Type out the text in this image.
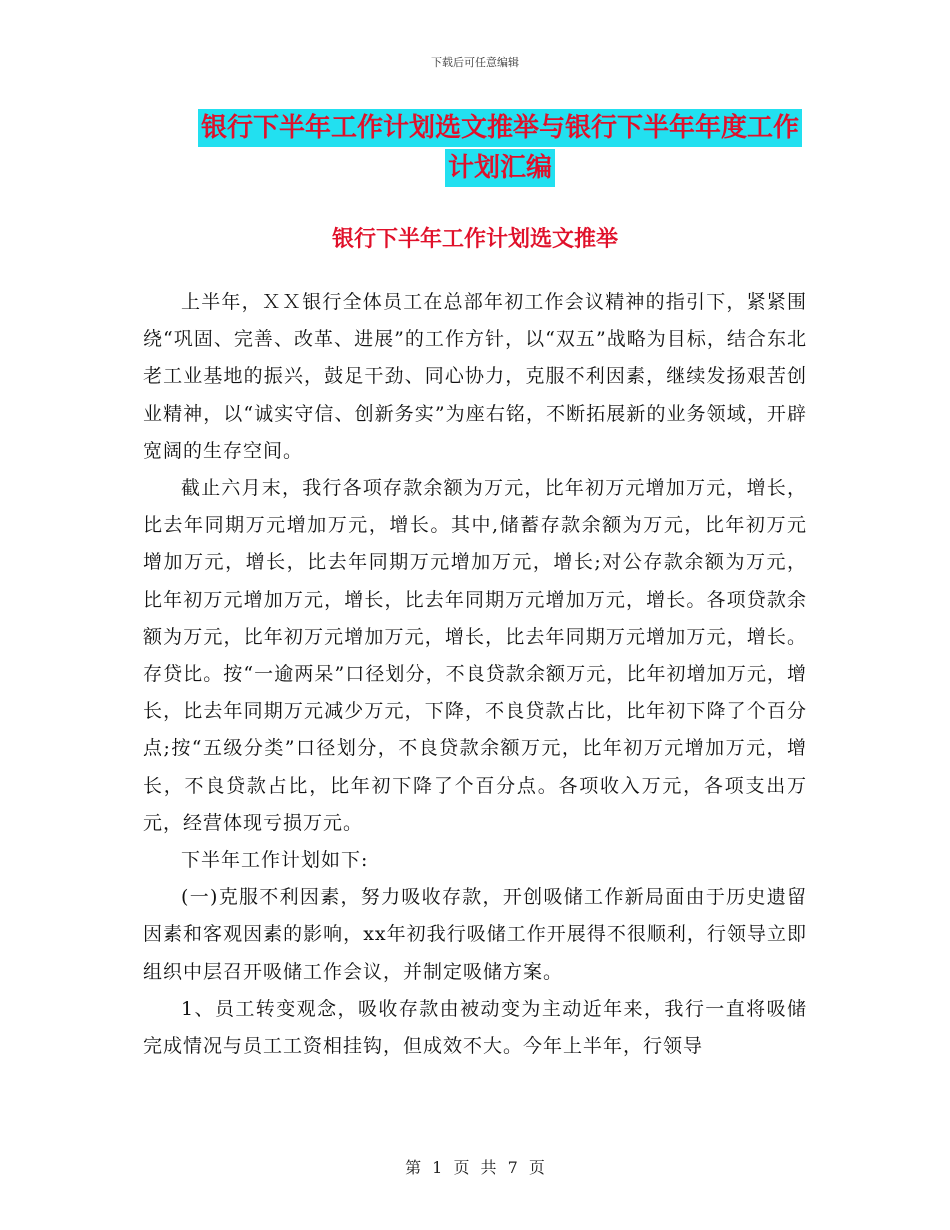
下载后可任意编辑
银行下半年工作计划选文推举与银行下半年年度工作计划汇编
银行下半年工作计划选文推举

上半年，ＸＸ银行全体员工在总部年初工作会议精神的指引下，紧紧围绕“巩固、完善、改革、进展”的工作方针，以“双五”战略为目标，结合东北老工业基地的振兴，鼓足干劲、同心协力，克服不利因素，继续发扬艰苦创业精神，以“诚实守信、创新务实”为座右铭，不断拓展新的业务领域，开辟宽阔的生存空间。

截止六月末，我行各项存款余额为万元，比年初万元增加万元，增长，比去年同期万元增加万元，增长。其中,储蓄存款余额为万元，比年初万元增加万元，增长，比去年同期万元增加万元，增长;对公存款余额为万元，比年初万元增加万元，增长，比去年同期万元增加万元，增长。各项贷款余额为万元，比年初万元增加万元，增长，比去年同期万元增加万元，增长。存贷比。按“一逾两呆”口径划分，不良贷款余额万元，比年初增加万元，增长，比去年同期万元减少万元，下降，不良贷款占比，比年初下降了个百分点;按“五级分类”口径划分，不良贷款余额万元，比年初万元增加万元，增长，不良贷款占比，比年初下降了个百分点。各项收入万元，各项支出万元，经营体现亏损万元。

下半年工作计划如下:

(一)克服不利因素，努力吸收存款，开创吸储工作新局面由于历史遗留因素和客观因素的影响，xx年初我行吸储工作开展得不很顺利，行领导立即组织中层召开吸储工作会议，并制定吸储方案。

1、员工转变观念，吸收存款由被动变为主动近年来，我行一直将吸储完成情况与员工工资相挂钩，但成效不大。今年上半年，行领导

第 1 页 共 7 页
